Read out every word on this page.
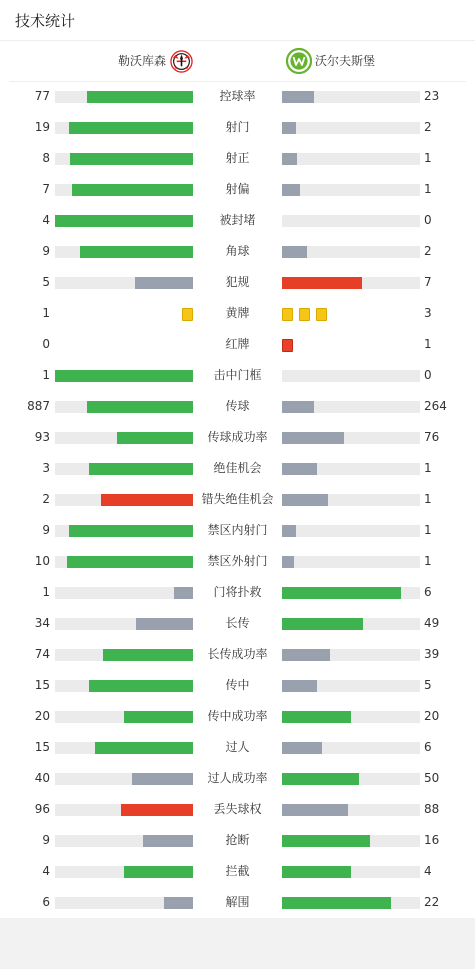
技术统计
勒沃库森	沃尔夫斯堡
77	控球率	23
19	射门	2
8	射正	1
7	射偏	1
4	被封堵	0
9	角球	2
5	犯规	7
1	黄牌	3
0	红牌	1
1	击中门框	0
887	传球	264
93	传球成功率	76
3	绝佳机会	1
2	错失绝佳机会	1
9	禁区内射门	1
10	禁区外射门	1
1	门将扑救	6
34	长传	49
74	长传成功率	39
15	传中	5
20	传中成功率	20
15	过人	6
40	过人成功率	50
96	丢失球权	88
9	抢断	16
4	拦截	4
6	解围	22
